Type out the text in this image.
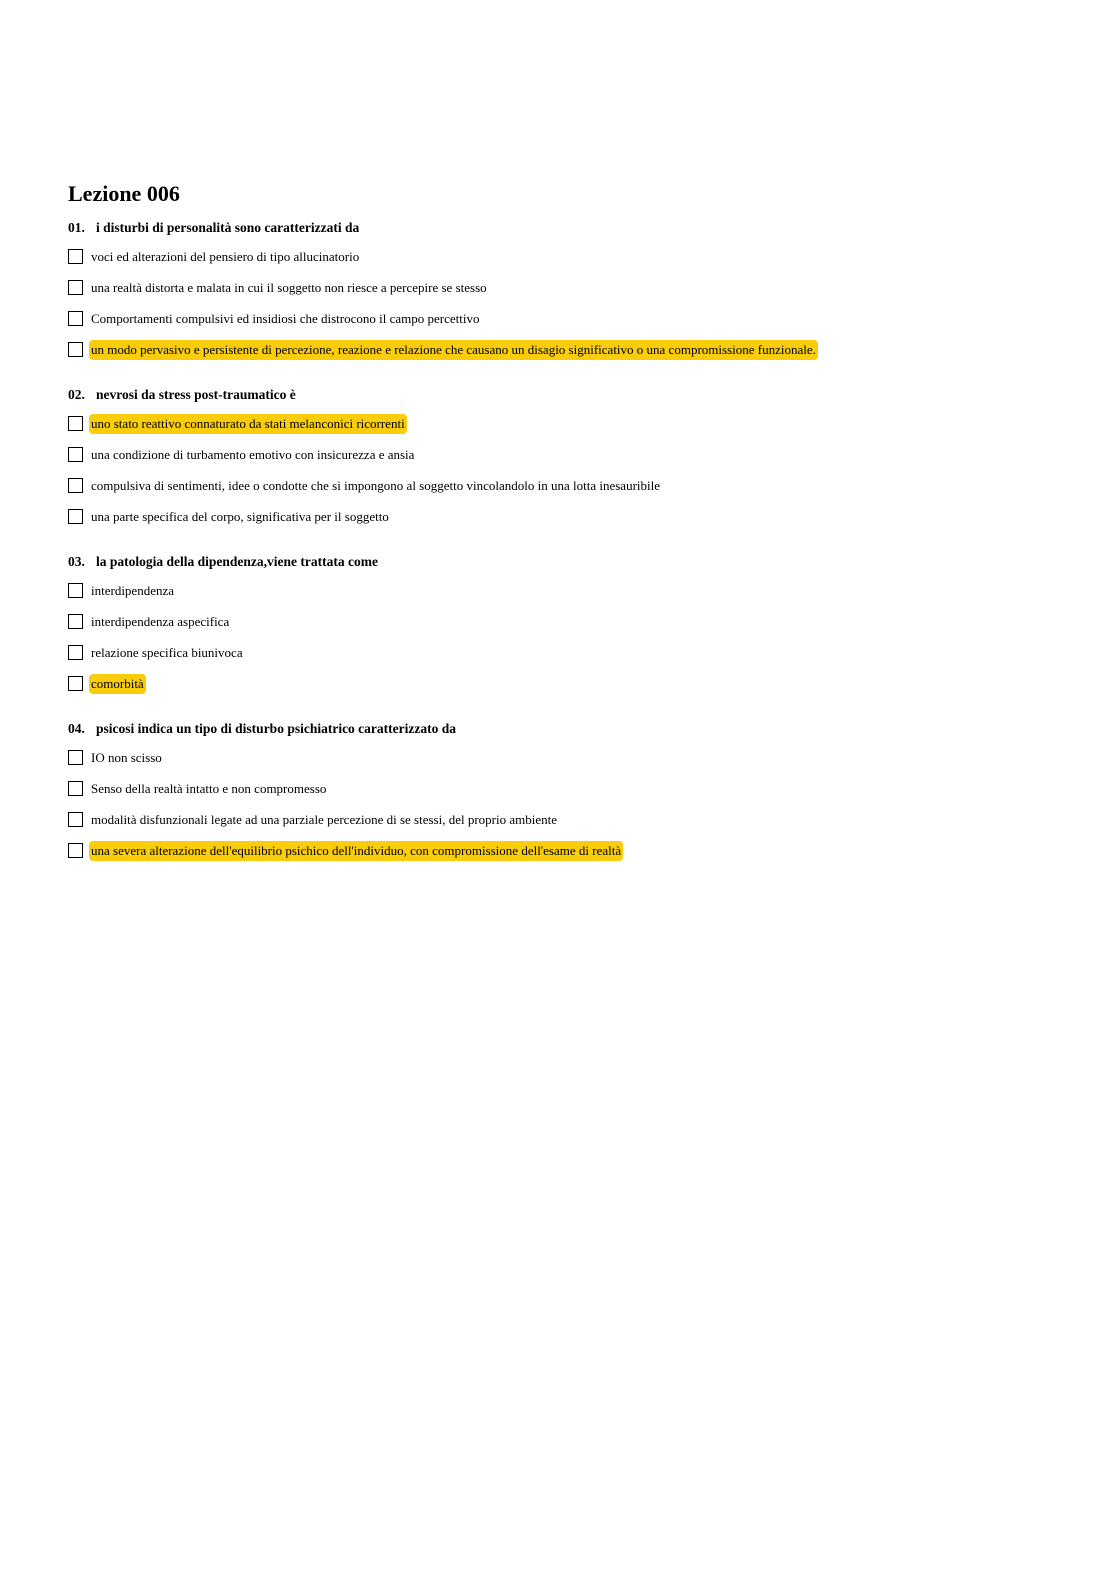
Lezione 006
01. i disturbi di personalità sono caratterizzati da
voci ed alterazioni del pensiero di tipo allucinatorio
una realtà distorta e malata in cui il soggetto non riesce a percepire se stesso
Comportamenti compulsivi ed insidiosi che distrocono il campo percettivo
un modo pervasivo e persistente di percezione, reazione e relazione che causano un disagio significativo o una compromissione funzionale.
02. nevrosi da stress post-traumatico è
uno stato reattivo connaturato da stati melanconici ricorrenti
una condizione di turbamento emotivo con insicurezza e ansia
compulsiva di sentimenti, idee o condotte che si impongono al soggetto vincolandolo in una lotta inesauribile
una parte specifica del corpo, significativa per il soggetto
03. la patologia della dipendenza,viene trattata come
interdipendenza
interdipendenza aspecifica
relazione specifica biunivoca
comorbità
04. psicosi indica un tipo di disturbo psichiatrico caratterizzato da
IO non scisso
Senso della realtà intatto e non compromesso
modalità disfunzionali legate ad una parziale percezione di se stessi, del proprio ambiente
una severa alterazione dell'equilibrio psichico dell'individuo, con compromissione dell'esame di realtà
